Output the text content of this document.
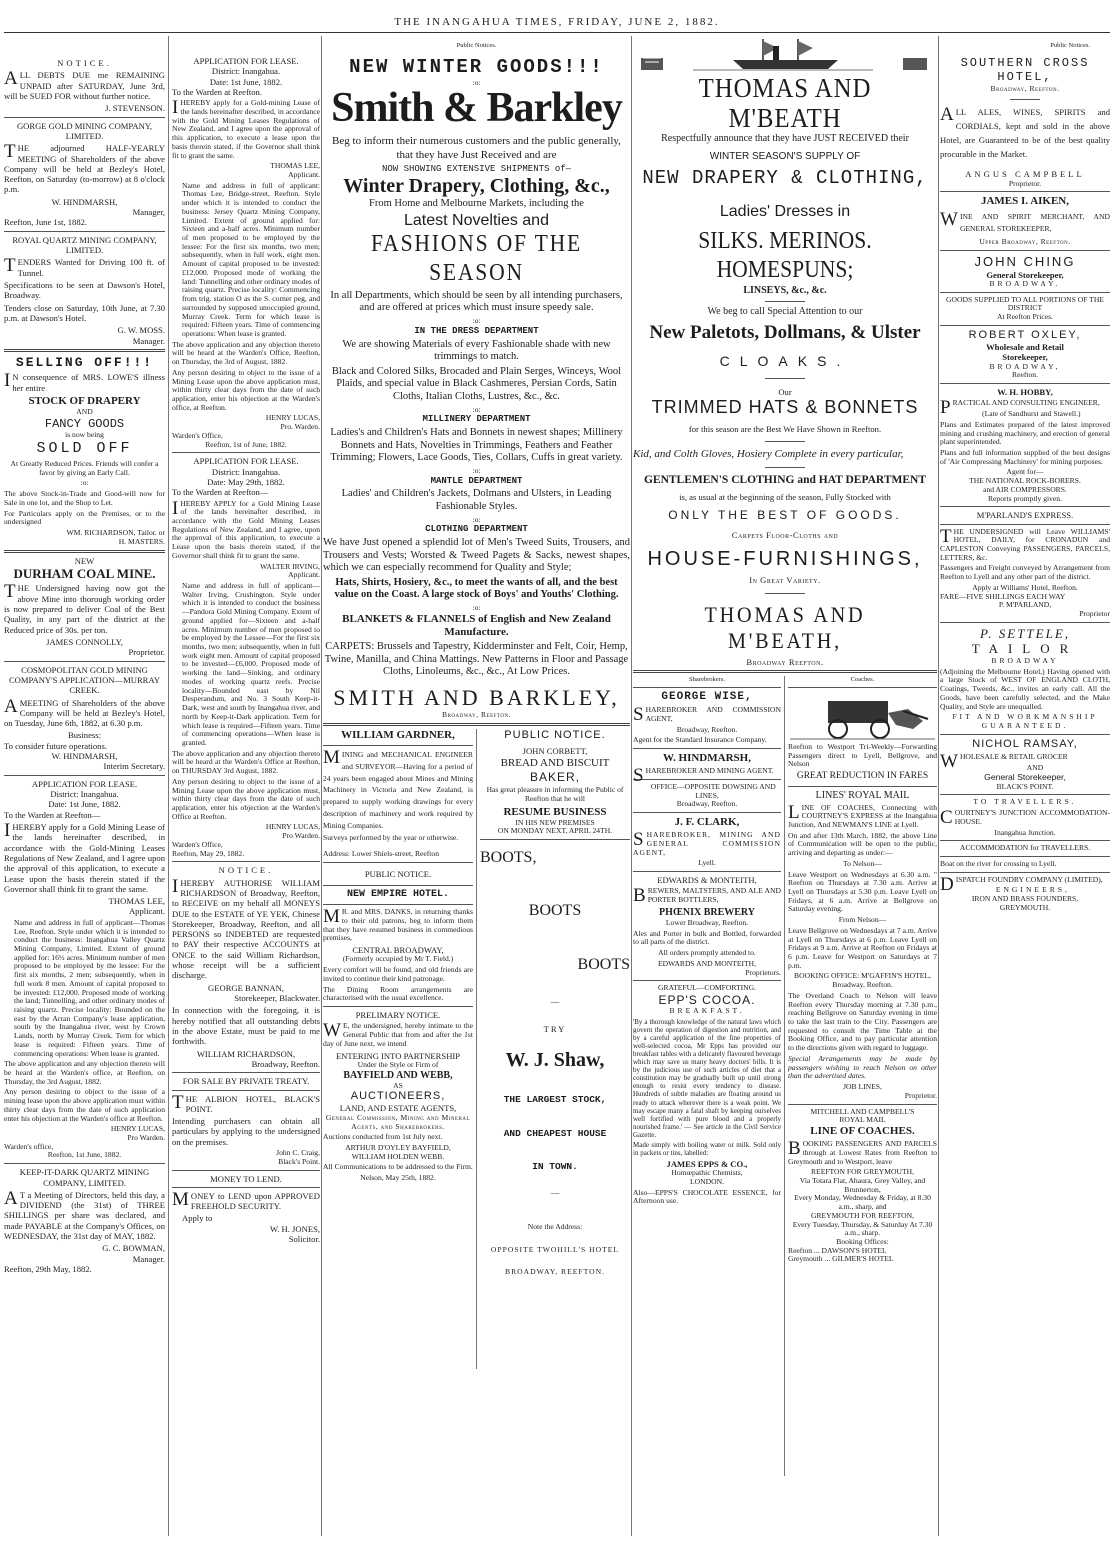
THE INANGAHUA TIMES, FRIDAY, JUNE 2, 1882.
NOTICE.

ALL DEBTS DUE me REMAINING UNPAID after SATURDAY, June 3rd, will be SUED FOR without further notice.

J. STEVENSON.
GORGE GOLD MINING COMPANY, LIMITED.

THE adjourned HALF-YEARLY MEETING of Shareholders of the above Company will be held at Bezley's Hotel, Reefton, on Saturday (to-morrow) at 8 o'clock p.m.

W. HINDMARSH,
Manager,
Reefton, June 1st, 1882.
ROYAL QUARTZ MINING COMPANY, LIMITED.

TENDERS Wanted for Driving 100 ft. of Tunnel.

Specifications to be seen at Dawson's Hotel, Broadway.

Tenders close on Saturday, 10th June, at 7.30 p.m. at Dawson's Hotel.

G. W. MOSS.
Manager.
SELLING OFF!!!

IN consequence of MRS. LOWE'S illness her entire

STOCK OF DRAPERY
AND
FANCY GOODS
is now being
SOLD OFF

At Greatly Reduced Prices. Friends will confer a favor by giving an Early Call.

:o:

The above Stock-in-Trade and Good-will now for Sale in one lot, and the Shop to Let.

For Particulars apply on the Premises, or to the undersigned

WM. RICHARDSON, Tailor. or
H. MASTERS.
NEW
DURHAM COAL MINE.

THE Undersigned having now got the above Mine into thorough working order is now prepared to deliver Coal of the Best Quality, in any part of the district at the Reduced price of 30s. per ton.

JAMES CONNOLLY,
Proprietor.
COSMOPOLITAN GOLD MINING COMPANY'S APPLICATION—MURRAY CREEK.

AMEETING of Shareholders of the above Company will be held at Bezley's Hotel, on Tuesday, June 6th, 1882, at 6.30 p.m.

Business:
To consider future operations.
W. HINDMARSH,
Interim Secretary.
APPLICATION FOR LEASE.
District: Inangahua.
Date: 1st June, 1882.
To the Warden at Reefton—

IHEREBY apply for a Gold Mining Lease of the lands hereinafter described, in accordance with the Gold-Mining Leases Regulations of New Zealand, and I agree upon the approval of this application, to execute a Lease upon the basis therein stated if the Governor shall think fit to grant the same.

THOMAS LEE,
Applicant.

Name and address in full of applicant—Thomas Lee, Reefton. Style under which it is intended to conduct the business: Inangahua Valley Quartz Mining Company, Limited. Extent of ground applied for: 16½ acres. Minimum number of men proposed to be employed by the lessee: For the first six months, 2 men; subsequently, when in full work 8 men. Amount of capital proposed to be invested: £12,000. Proposed mode of working the land; Tunnelling, and other ordinary modes of raising quartz. Precise locality: Bounded on the east by the Arran Company's lease application, south by the Inangahua river, west by Crown Lands, north by Murray Creek. Term for which lease is required: Fifteen years. Time of commencing operations: When lease is granted.

The above application and any objection thereto will be heard at the Warden's office, at Reefton, on Thursday, the 3rd August, 1882.

Any person desiring to object to the issue of a mining lease upon the above application must within thirty clear days from the date of such application enter his objection at the Warden's office at Reefton.

HENRY LUCAS,
Pro Warden.
Warden's office,
Reefton, 1st June, 1882.
KEEP-IT-DARK QUARTZ MINING COMPANY, LIMITED.

AT a Meeting of Directors, held this day, a DIVIDEND (the 31st) of THREE SHILLINGS per share was declared, and made PAYABLE at the Company's Offices, on WEDNESDAY, the 31st day of MAY, 1882.

G. C. BOWMAN,
Manager.
Reefton, 29th May, 1882.
APPLICATION FOR LEASE.
District: Inangahua.
Date: 1st June, 1882.
To the Warden at Reefton.

IHEREBY apply for a Gold-mining Lease of the lands hereinafter described, in accordance with the Gold Mining Leases Regulations of New Zealand, and I agree upon the approval of this application, to execute a lease upon the basis therein stated, if the Governor shall think fit to grant the same.

THOMAS LEE,
Applicant.

Name and address in full of applicant: Thomas Lee, Bridge-street, Reefton. Style under which it is intended to conduct the business: Jersey Quartz Mining Company, Limited. Extent of ground applied for: Sixteen and a-half acres. Minimum number of men proposed to be employed by the lessee: For the first six months, two men; subsequently, when in full work, eight men. Amount of capital proposed to be invested: £12,000. Proposed mode of working the land: Tunnelling and other ordinary modes of raising quartz. Precise locality: Commencing from trig. station O as the S. corner peg, and surrounded by supposed unoccupied ground, Murray Creek. Term for which lease is required: Fifteen years. Time of commencing operations: When lease is granted.

The above application and any objection thereto will be heard at the Warden's Office, Reefton, on Thursday, the 3rd of August, 1882.

Any person desiring to object to the issue of a Mining Lease upon the above application must, within thirty clear days from the date of such application, enter his objection at the Warden's office, at Reefton.

HENRY LUCAS,
Pro. Warden.
Warden's Office,
Reefton, 1st of June, 1882.
APPLICATION FOR LEASE.
District: Inangahua.
Date: May 29th, 1882.
To the Warden at Reefton—

IHEREBY APPLY for a Gold Mining Lease of the lands hereinafter described, in accordance with the Gold Mining Leases Regulations of New Zealand, and I agree, upon the approval of this application, to execute a Lease upon the basis therein stated, if the Governor shall think fit to grant the same.

WALTER IRVING,
Applicant.

Name and address in full of applicant—Walter Irving, Crushington. Style under which it is intended to conduct the business—Pandora Gold Mining Company. Extent of ground applied for—Sixteen and a-half acres. Minimum number of men proposed to be employed by the Lessee—For the first six months, two men; subsequently, when in full work eight men. Amount of capital proposed to be invested—£6,000. Proposed mode of working the land—Sinking, and ordinary modes of working quartz reefs. Precise locality—Bounded east by Nil Desperandum, and No. 3 South Keep-it-Dark, west and south by Inangahua river, and north by Keep-it-Dark application. Term for which lease is required—Fifteen years. Time of commencing operations—When lease is granted.

The above application and any objection thereto will be heard at the Warden's Office at Reefton, on THURSDAY 3rd August, 1882.

Any person desiring to object to the issue of a Mining Lease upon the above application must, within thirty clear days from the date of such application, enter his objection at the Warden's Office at Reefton.

HENRY LUCAS,
Pro Warden.
Warden's Office,
Reefton, May 29, 1882.
NOTICE.

IHEREBY AUTHORISE WILLIAM RICHARDSON of Broadway, Reefton, to RECEIVE on my behalf all MONEYS DUE to the ESTATE of YE YEK, Chinese Storekeeper, Broadway, Reefton, and all PERSONS so INDEBTED are requested to PAY their respective ACCOUNTS at ONCE to the said William Richardson, whose receipt will be a sufficient discharge.

GEORGE BANNAN,
Storekeeper, Blackwater.

In connection with the foregoing, it is hereby notified that all outstanding debts in the above Estate, must be paid to me forthwith.

WILLIAM RICHARDSON,
Broadway, Reefton.
FOR SALE BY PRIVATE TREATY.

THE ALBION HOTEL, BLACK'S POINT.

Intending purchasers can obtain all particulars by applying to the undersigned on the premises.

John C. Craig,
Black's Point.
MONEY TO LEND.

MONEY to LEND upon APPROVED FREEHOLD SECURITY.

Apply to
W. H. JONES,
Solicitor.
Public Notices.
NEW WINTER GOODS!!!
:o:
Smith & Barkley

Beg to inform their numerous customers and the public generally, that they have Just Received and are

NOW SHOWING EXTENSIVE SHIPMENTS of—
Winter Drapery, Clothing, &c.,
From Home and Melbourne Markets, including the
Latest Novelties and
FASHIONS OF THE SEASON

In all Departments, which should be seen by all intending purchasers, and are offered at prices which must insure speedy sale.

:o:
IN THE DRESS DEPARTMENT

We are showing Materials of every Fashionable shade with new trimmings to match.

Black and Colored Silks, Brocaded and Plain Serges, Winceys, Wool Plaids, and special value in Black Cashmeres, Persian Cords, Satin Cloths, Italian Cloths, Lustres, &c., &c.

:o:
MILLINERY DEPARTMENT

Ladies's and Children's Hats and Bonnets in newest shapes; Millinery Bonnets and Hats, Novelties in Trimmings, Feathers and Feather Trimming; Flowers, Lace Goods, Ties, Collars, Cuffs in great variety.

:o:
MANTLE DEPARTMENT

Ladies' and Children's Jackets, Dolmans and Ulsters, in Leading Fashionable Styles.

:o:
CLOTHING DEPARTMENT

We have Just opened a splendid lot of Men's Tweed Suits, Trousers, and Trousers and Vests; Worsted & Tweed Pagets & Sacks, newest shapes, which we can especially recommend for Quality and Style;

Hats, Shirts, Hosiery, &c., to meet the wants of all, and the best value on the Coast. A large stock of Boys' and Youths' Clothing.

:o:
BLANKETS & FLANNELS of English and New Zealand Manufacture.

CARPETS: Brussels and Tapestry, Kidderminster and Felt, Coir, Hemp, Twine, Manilla, and China Mattings. New Patterns in Floor and Passage Cloths, Linoleums, &c., &c., At Low Prices.

SMITH AND BARKLEY,
Broadway, Reefton.
WILLIAM GARDNER,

MINING and MECHANICAL ENGINEER and SURVEYOR—Having for a period of 24 years been engaged about Mines and Mining Machinery in Victoria and New Zealand, is prepared to supply working drawings for every description of machinery and work required by Mining Companies.

Surveys performed by the year or otherwise.

Address: Lower Shiels-street, Reefton

PUBLIC NOTICE.
NEW EMPIRE HOTEL.

MR. and MRS. DANKS, in returning thanks to their old patrons, beg to inform them that they have resumed business in commedious premises,

CENTRAL BROADWAY,
(Formerly occupied by Mr T. Field.)

Every comfort will be found, and old friends are invited to continue their kind patronage.

The Dining Room arrangements are characterised with the usual excellence.

PRELIMARY NOTICE.

WE, the undersigned, hereby intimate to the General Public that from and after the 1st day of June next, we intend

ENTERING INTO PARTNERSHIP
Under the Style or Firm of
BAYFIELD AND WEBB,
AS
AUCTIONEERS,
LAND, AND ESTATE AGENTS,
General Commission, Mining and Mineral Agents, and Sharebrokers.

Auctions conducted from 1st July next.

ARTHUR D'OYLEY BAYFIELD,
WILLIAM HOLDEN WEBB.

All Communications to be addressed to the Firm.

Nelson, May 25th, 1882.
PUBLIC NOTICE.
JOHN CORBETT,
BREAD AND BISCUIT
BAKER,

Has great pleasure in informing the Public of Reefton that he will

RESUME BUSINESS
IN HIS NEW PREMISES
ON MONDAY NEXT, APRIL 24TH.
BOOTS,
BOOTS
BOOTS
—
TRY
W. J. Shaw,
THE LARGEST STOCK,
AND CHEAPEST HOUSE
IN TOWN.
—
Note the Address:
OPPOSITE TWOHILL'S HOTEL
BROADWAY, REEFTON.
THOMAS AND M'BEATH
Respectfully announce that they have JUST RECEIVED their
WINTER SEASON'S SUPPLY OF
NEW DRAPERY & CLOTHING,
Ladies' Dresses in
SILKS. MERINOS. HOMESPUNS;
LINSEYS, &c., &c.
We beg to call Special Attention to our
New Paletots, Dollmans, & Ulster
CLOAKS.
Our
TRIMMED HATS & BONNETS
for this season are the Best We Have Shown in Reefton.
Kid, and Colth Gloves, Hosiery Complete in every particular,
GENTLEMEN'S CLOTHING and HAT DEPARTMENT
is, as usual at the beginning of the season, Fully Stocked with
ONLY THE BEST OF GOODS.
Carpets Floor-Cloths and
HOUSE-FURNISHINGS,
In Great Variety.
THOMAS AND M'BEATH,
Broadway Reefton.
Sharebrokers.
GEORGE WISE,

SHAREBROKER AND COMMISSION AGENT,

Broadway, Reefton.

Agent for the Standard Insurance Company.

W. HINDMARSH,

SHAREBROKER AND MINING AGENT.

OFFICE—OPPOSITE DOWSING AND LINES,
Broadway, Reefton.
J. F. CLARK,

SHAREBROKER, MINING AND GENERAL COMMISSION AGENT,

Lyell.
EDWARDS & MONTEITH,

BREWERS, MALTSTERS, AND ALE AND PORTER BOTTLERS,

PHŒNIX BREWERY
Lower Broadway, Reefton.

Ales and Porter in bulk and Bottled, forwarded to all parts of the district.

All orders promptly attended to.

EDWARDS AND MONTEITH,
Proprietors.
GRATEFUL—COMFORTING.
EPP'S COCOA.
BREAKFAST.

'By a thorough knowledge of the natural laws which govern the operation of digestion and nutrition, and by a careful application of the fine properties of well-selected cocoa, Mr Epps has provided our breakfast tables with a delicately flavoured beverage which may save us many heavy doctors' bills. It is by the judicious use of such articles of diet that a constitution may be gradually built up until strong enough to resist every tendency to disease. Hundreds of subtle maladies are floating around us ready to attack wherever there is a weak point. We may escape many a fatal shaft by keeping ourselves well fortified with pure blood and a properly nourished frame.' — See article in the Civil Service Gazette.

Made simply with boiling water or milk. Sold only in packets or tins, labelled:

JAMES EPPS & CO.,
Homœpathic Chemists,
LONDON.

Also—EPPS'S CHOCOLATE ESSENCE, for Afternoon use.

Coaches.

Reefton to Westport Tri-Weekly—Forwarding Passengers direct to Lyell, Bellgrove, and Nelson

GREAT REDUCTION IN FARES
LINES' ROYAL MAIL

LINE OF COACHES, Connecting with COURTNEY'S EXPRESS at the Inangahua Junction, And NEWMAN'S LINE at Lyell.

On and after 13th March, 1882, the above Line of Communication will be open to the public, arriving and departing as under:—

To Nelson—

Leave Westport on Wednesdays at 6.30 a.m. " Reefton on Thursdays at 7.30 a.m. Arrive at Lyell on Thursdays at 5.30 p.m. Leave Lyell on Fridays, at 6 a.m. Arrive at Bellgrove on Saturday evening.

From Nelson—

Leave Bellgrove on Wednesdays at 7 a.m. Arrive at Lyell on Thursdays at 6 p.m. Leave Lyell on Fridays at 9 a.m. Arrive at Reefton on Fridays at 6 p.m. Leave for Westport on Saturdays at 7 p.m.

BOOKING OFFICE: M'GAFFIN'S HOTEL,
Broadway, Reefton.

The Overland Coach to Nelson will leave Reefton every Thursday morning at 7.30 p.m., reaching Bellgrove on Saturday evening in time to take the last train to the City. Passengers are requested to consult the Time Table at the Booking Office, and to pay particular attention to the directions given with regard to luggage.

Special Arrangements may be made by passengers wishing to reach Nelson on other than the advertised dates.

JOB LINES,
Proprietor.
MITCHELL AND CAMPBELL'S
ROYAL MAIL
LINE OF COACHES.

BOOKING PASSENGERS AND PARCELS through at Lowest Rates from Reefton to Greymouth and to Westport, leave

REEFTON FOR GREYMOUTH,
Via Totara Flat, Ahaura, Grey Valley, and Brunnerton,
Every Monday, Wednesday & Friday, at 8.30 a.m., sharp, and
GREYMOUTH FOR REEFTON,
Every Tuesday, Thursday, & Saturday At 7.30 a.m., sharp.
Booking Offices:
Reefton ... DAWSON'S HOTEL
Greymouth ... GILMER'S HOTEL
Public Notices.
SOUTHERN CROSS HOTEL,
Broadway, Reefton.

ALL ALES, WINES, SPIRITS and CORDIALS, kept and sold in the above Hotel, are Guaranteed to be of the best quality procurable in the Market.

ANGUS CAMPBELL
Proprietor.
JAMES I. AIKEN,

WINE AND SPIRIT MERCHANT, AND GENERAL STOREKEEPER,

Upper Broadway, Reefton.
JOHN CHING
General Storekeeper,
BROADWAY.
GOODS SUPPLIED TO ALL PORTIONS OF THE DISTRICT
At Reefton Prices.
ROBERT OXLEY,
Wholesale and Retail
Storekeeper,
BROADWAY,
Reefton.
W. H. HOBBY,

PRACTICAL AND CONSULTING ENGINEER,

(Late of Sandhurst and Stawell.)

Plans and Estimates prepared of the latest improved mining and crushing machinery, and erection of general plant superintended.

Plans and full information supplied of the best designs of 'Air Compressing Machinery' for mining purposes.

Agent for—
THE NATIONAL ROCK-BORERS.
and AIR COMPRESSORS.
Reports promptly given.
M'PARLAND'S EXPRESS.

THE UNDERSIGNED will Leave WILLIAMS' HOTEL, DAILY, for CRONADUN and CAPLESTON Conveying PASSENGERS, PARCELS, LETTERS, &c.

Passengers and Freight conveyed by Arrangement from Reefton to Lyell and any other part of the district.

Apply at Williams' Hotel, Reefton.
FARE—FIVE SHILLINGS EACH WAY
P. M'PARLAND,
Proprietor
P. SETTELE,
TAILOR
BROADWAY

(Adjoining the Melbourne Hotel,) Having opened with a large Stock of WEST OF ENGLAND CLOTH, Coatings, Tweeds, &c., invites an early call. All the Goods, have been carefully selected, and the Make Quality, and Style are unequalled.

FIT AND WORKMANSHIP GUARANTEED.
NICHOL RAMSAY,

WHOLESALE & RETAIL GROCER

AND
General Storekeeper,
BLACK'S POINT.
TO TRAVELLERS.

COURTNEY'S JUNCTION ACCOMMODATION-HOUSE.

Inangahua Junction.
ACCOMMODATION for TRAVELLERS.
Boat on the river for crossing to Lyell.

DISPATCH FOUNDRY COMPANY (LIMITED),

ENGINEERS,
IRON AND BRASS FOUNDERS,
GREYMOUTH.
